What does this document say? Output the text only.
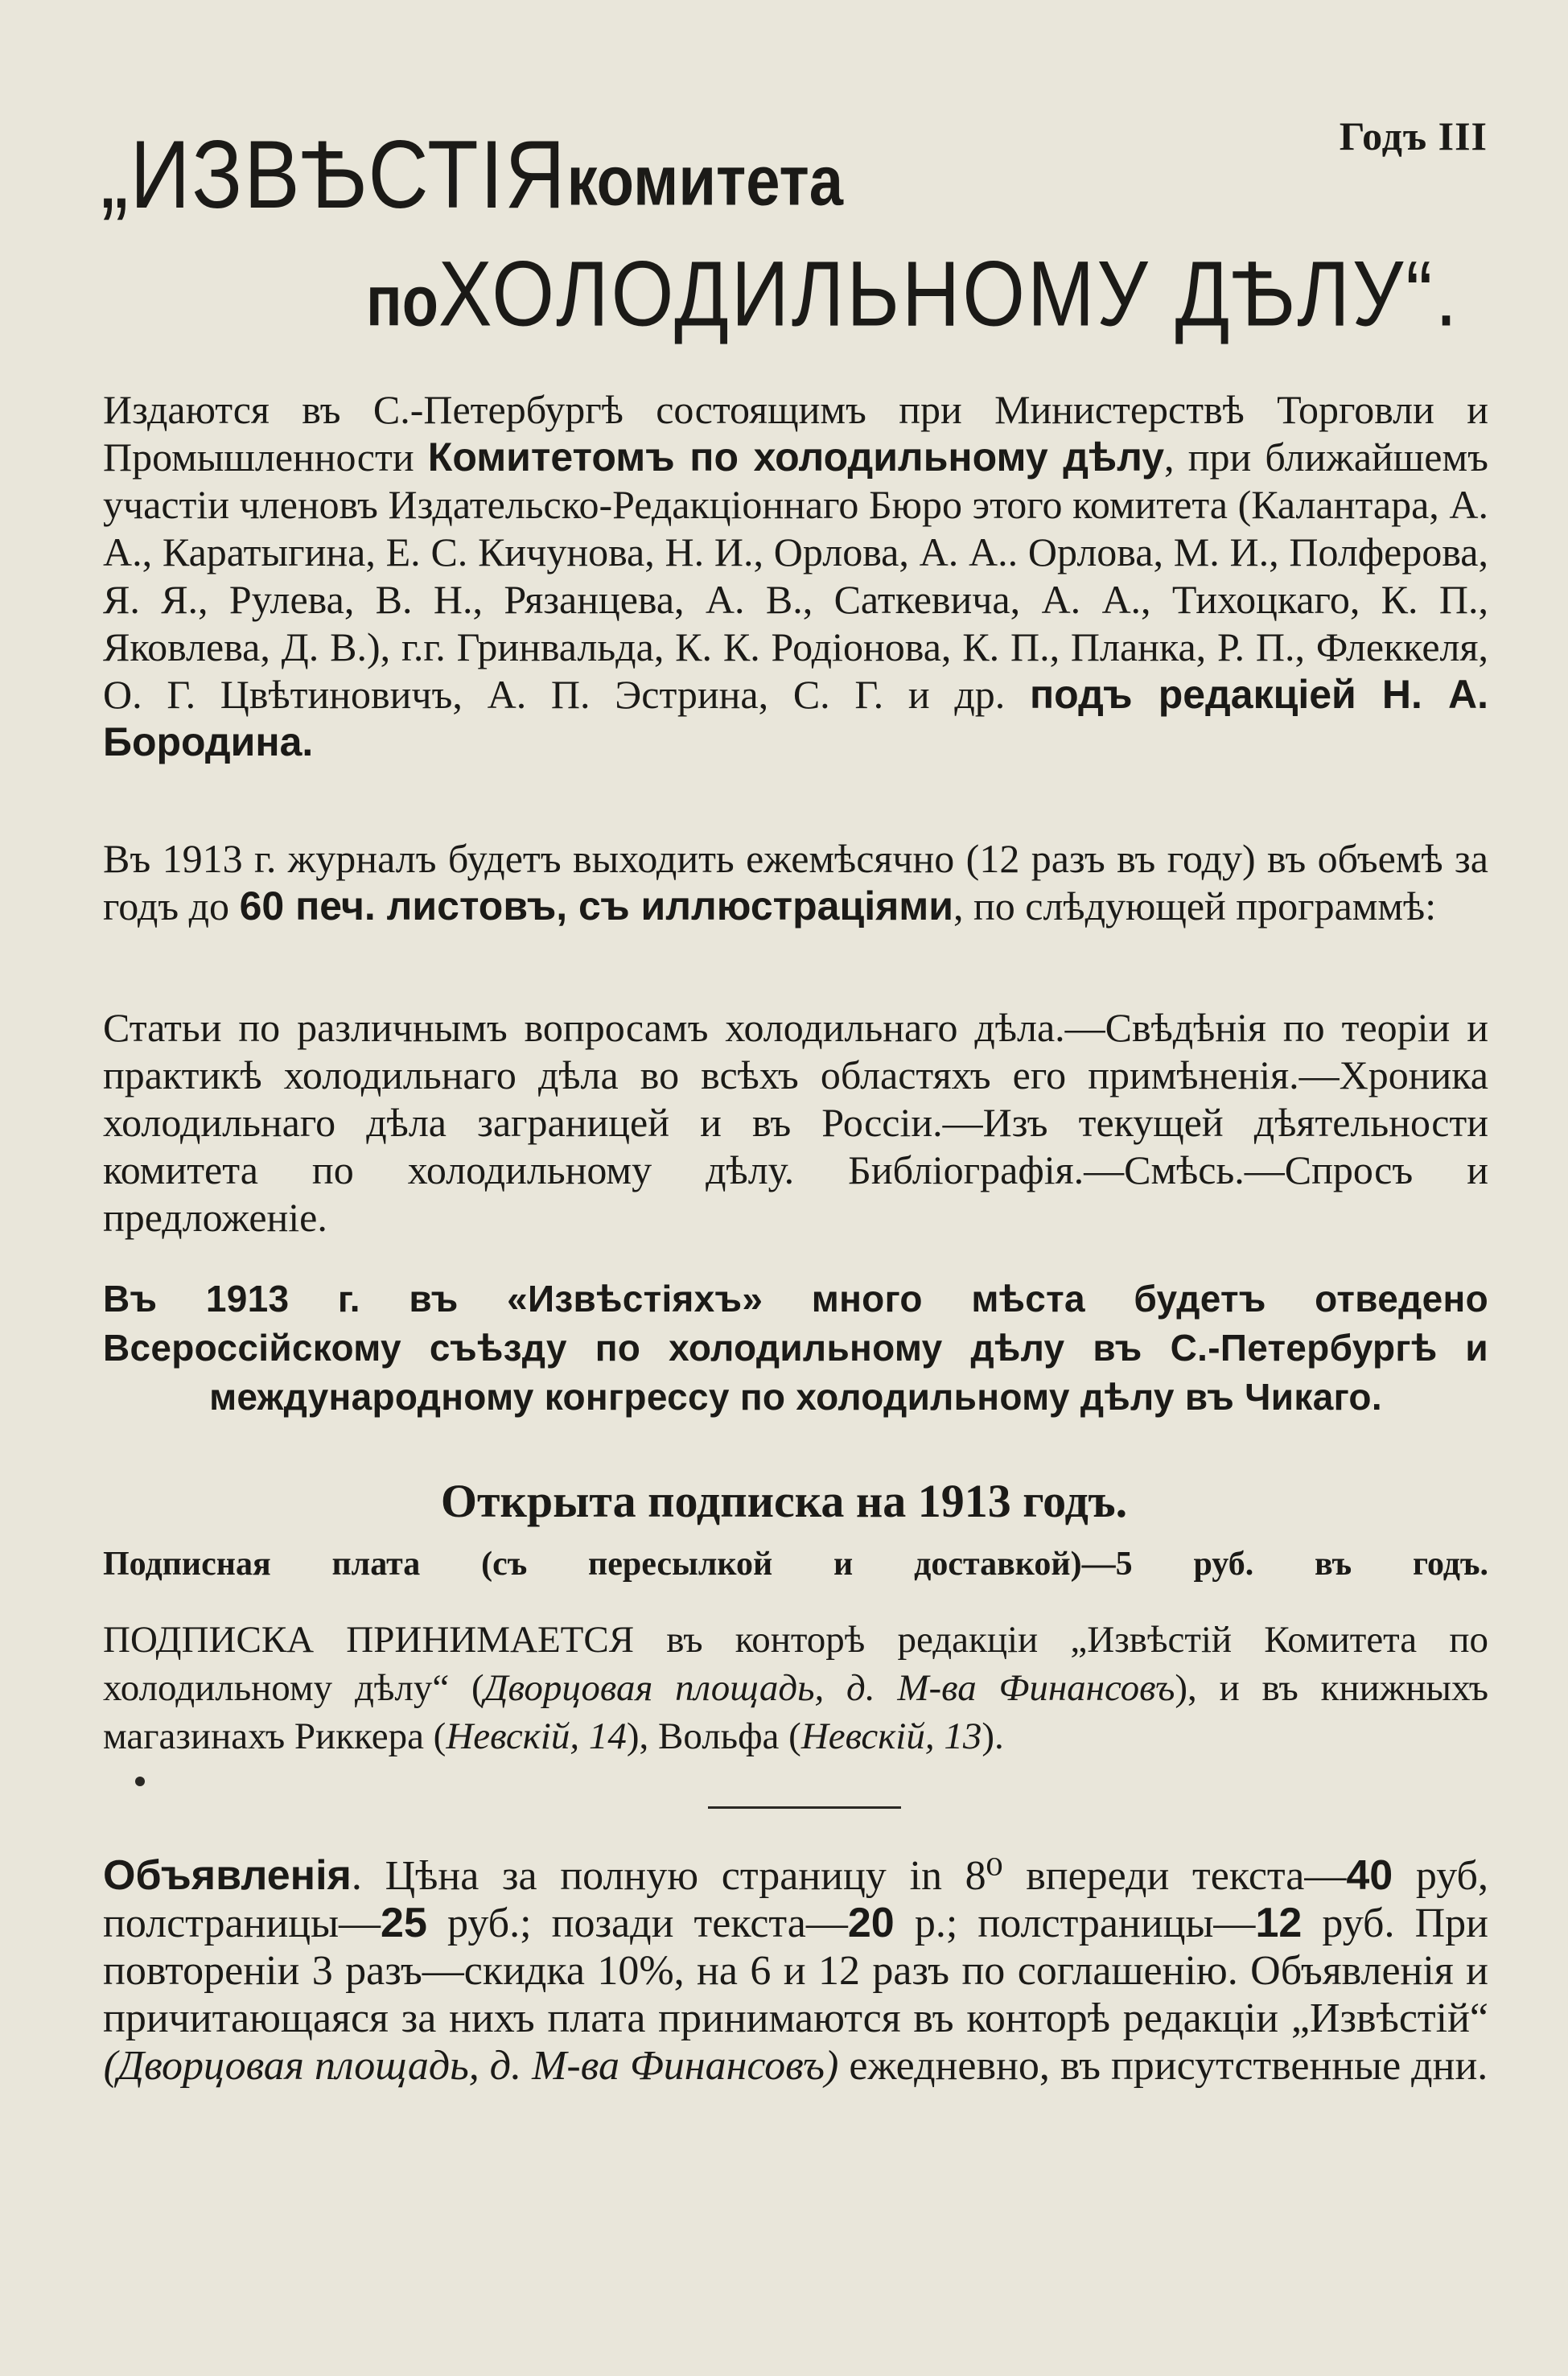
Годъ III
„ИЗВѢСТIЯкомитета
поХОЛОДИЛЬНОМУ ДѢЛУ“.
Издаются въ С.-Петербургѣ состоящимъ при Министерствѣ Торговли и Промышленности Комитетомъ по холодильному дѣлу, при ближайшемъ участiи членовъ Издательско-Редакцiоннаго Бюро этого комитета (Калантара, А. А., Каратыгина, Е. С. Кичунова, Н. И., Орлова, А. А.. Орлова, М. И., Полферова, Я. Я., Рулева, В. Н., Рязанцева, А. В., Саткевича, А. А., Тихоцкаго, К. П., Яковлева, Д. В.), г.г. Гринвальда, К. К. Родiонова, К. П., Планка, Р. П., Флеккеля, О. Г. Цвѣтиновичъ, А. П. Эстрина, С. Г. и др. подъ редакцiей Н. А. Бородина.
Въ 1913 г. журналъ будетъ выходить ежемѣсячно (12 разъ въ году) въ объемѣ за годъ до 60 печ. листовъ, съ иллюстрацiями, по слѣдующей программѣ:
Статьи по различнымъ вопросамъ холодильнаго дѣла.—Свѣдѣнiя по теорiи и практикѣ холодильнаго дѣла во всѣхъ областяхъ его примѣненiя.—Хроника холодильнаго дѣла заграницей и въ Россiи.—Изъ текущей дѣятельности комитета по холодильному дѣлу. Библiографiя.—Смѣсь.—Спросъ и предложенiе.
Въ 1913 г. въ «Извѣстiяхъ» много мѣста будетъ отведено Всероссiйскому съѣзду по холодильному дѣлу въ С.-Петербургѣ и международному конгрессу по холодильному дѣлу въ Чикаго.
Открыта подписка на 1913 годъ.
Подписная плата (съ пересылкой и доставкой)—5 руб. въ годъ.
ПОДПИСКА ПРИНИМАЕТСЯ въ конторѣ редакцiи „Извѣстiй Комитета по холодильному дѣлу“ (Дворцовая площадь, д. М-ва Финансовъ), и въ книжныхъ магазинахъ Риккера (Невскiй, 14), Вольфа (Невскiй, 13).
Объявленiя. Цѣна за полную страницу in 8⁰ впереди текста—40 руб, полстраницы—25 руб.; позади текста—20 р.; полстраницы—12 руб. При повторенiи 3 разъ—скидка 10%, на 6 и 12 разъ по соглашенiю. Объявленiя и причитающаяся за нихъ плата принимаются въ конторѣ редакцiи „Извѣстiй“ (Дворцовая площадь, д. М-ва Финансовъ) ежедневно, въ присутственные дни.
